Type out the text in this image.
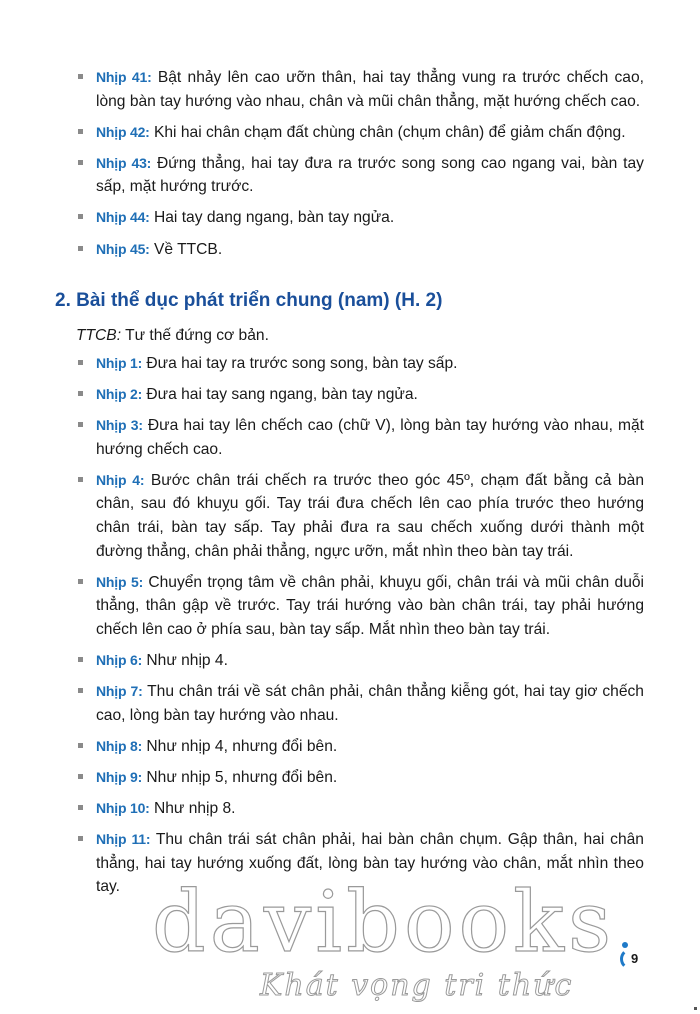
Nhịp 41: Bật nhảy lên cao ưỡn thân, hai tay thẳng vung ra trước chếch cao, lòng bàn tay hướng vào nhau, chân và mũi chân thẳng, mặt hướng chếch cao.
Nhịp 42: Khi hai chân chạm đất chùng chân (chụm chân) để giảm chấn động.
Nhịp 43: Đứng thẳng, hai tay đưa ra trước song song cao ngang vai, bàn tay sấp, mặt hướng trước.
Nhịp 44: Hai tay dang ngang, bàn tay ngửa.
Nhịp 45: Về TTCB.
2. Bài thể dục phát triển chung (nam) (H. 2)
TTCB: Tư thế đứng cơ bản.
Nhịp 1: Đưa hai tay ra trước song song, bàn tay sấp.
Nhịp 2: Đưa hai tay sang ngang, bàn tay ngửa.
Nhịp 3: Đưa hai tay lên chếch cao (chữ V), lòng bàn tay hướng vào nhau, mặt hướng chếch cao.
Nhịp 4: Bước chân trái chếch ra trước theo góc 45º, chạm đất bằng cả bàn chân, sau đó khuỵu gối. Tay trái đưa chếch lên cao phía trước theo hướng chân trái, bàn tay sấp. Tay phải đưa ra sau chếch xuống dưới thành một đường thẳng, chân phải thẳng, ngực ưỡn, mắt nhìn theo bàn tay trái.
Nhịp 5: Chuyển trọng tâm về chân phải, khuỵu gối, chân trái và mũi chân duỗi thẳng, thân gập về trước. Tay trái hướng vào bàn chân trái, tay phải hướng chếch lên cao ở phía sau, bàn tay sấp. Mắt nhìn theo bàn tay trái.
Nhịp 6: Như nhịp 4.
Nhịp 7: Thu chân trái về sát chân phải, chân thẳng kiễng gót, hai tay giơ chếch cao, lòng bàn tay hướng vào nhau.
Nhịp 8: Như nhịp 4, nhưng đổi bên.
Nhịp 9: Như nhịp 5, nhưng đổi bên.
Nhịp 10: Như nhịp 8.
Nhịp 11: Thu chân trái sát chân phải, hai bàn chân chụm. Gập thân, hai chân thẳng, hai tay hướng xuống đất, lòng bàn tay hướng vào chân, mắt nhìn theo tay. davibooks
Khát vọng tri thức
9
